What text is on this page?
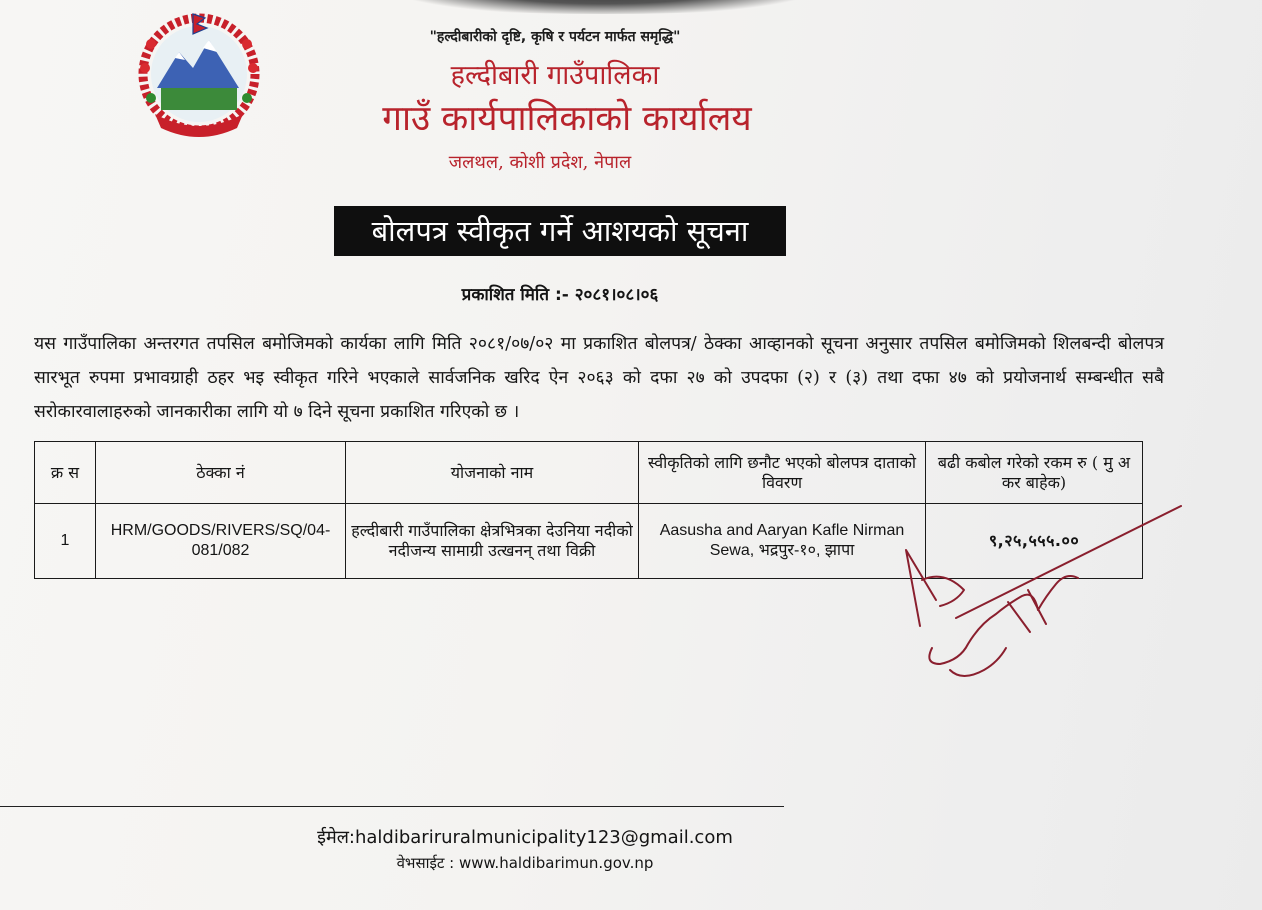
"हल्दीबारीको दृष्टि, कृषि र पर्यटन मार्फत समृद्धि"
हल्दीबारी गाउँपालिका
गाउँ कार्यपालिकाको कार्यालय
जलथल, कोशी प्रदेश, नेपाल
बोलपत्र स्वीकृत गर्ने आशयको सूचना
प्रकाशित मिति :- २०८१।०८।०६

यस गाउँपालिका अन्तरगत तपसिल बमोजिमको कार्यका लागि मिति २०८१/०७/०२ मा प्रकाशित बोलपत्र/ ठेक्का आव्हानको सूचना अनुसार तपसिल बमोजिमको शिलबन्दी बोलपत्र सारभूत रुपमा प्रभावग्राही ठहर भइ स्वीकृत गरिने भएकाले सार्वजनिक खरिद ऐन २०६३ को दफा २७ को उपदफा (२) र (३) तथा दफा ४७ को प्रयोजनार्थ सम्बन्धीत सबै सरोकारवालाहरुको जानकारीका लागि यो ७ दिने सूचना प्रकाशित गरिएको छ ।

क्र स	ठेक्का नं	योजनाको नाम	स्वीकृतिको लागि छनौट भएको बोलपत्र दाताको विवरण	बढी कबोल गरेको रकम रु ( मु अ कर बाहेक)
1	HRM/GOODS/RIVERS/SQ/04-081/082	हल्दीबारी गाउँपालिका क्षेत्रभित्रका देउनिया नदीको नदीजन्य सामाग्री उत्खनन् तथा विक्री	Aasusha and Aaryan Kafle Nirman Sewa, भद्रपुर-१०, झापा	९,२५,५५५.००
ईमेल:haldibariruralmunicipality123@gmail.com
वेभसाईट : www.haldibarimun.gov.np
